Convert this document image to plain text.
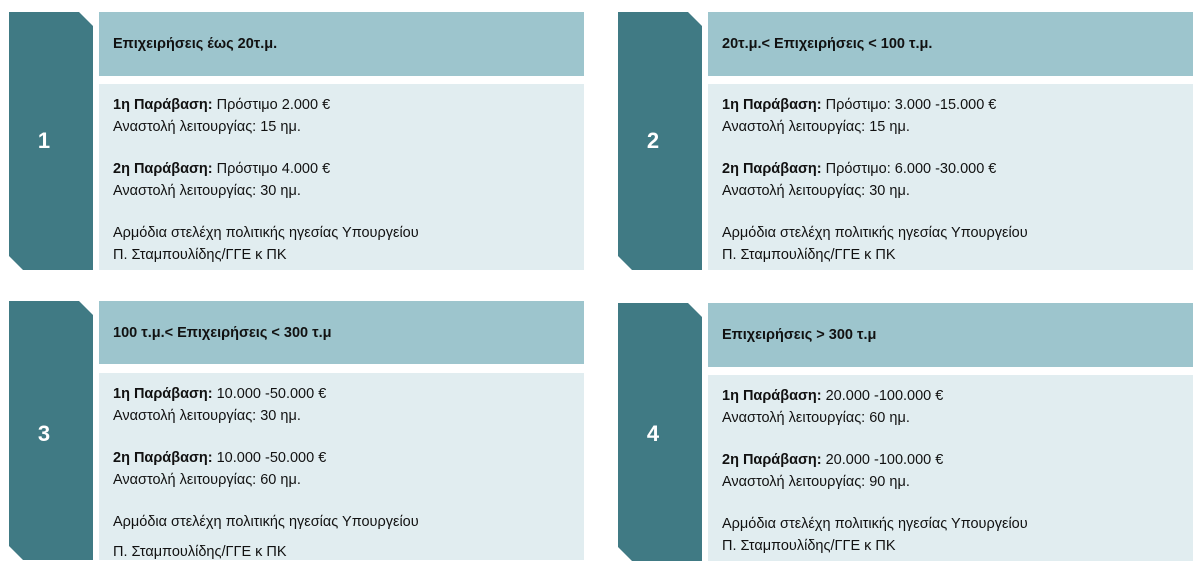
1
Επιχειρήσεις έως 20τ.μ.
1η Παράβαση: Πρόστιμο 2.000 €
Αναστολή λειτουργίας: 15 ημ.
2η Παράβαση: Πρόστιμο 4.000 €
Αναστολή λειτουργίας: 30 ημ.
Αρμόδια στελέχη πολιτικής ηγεσίας Υπουργείου
Π. Σταμπουλίδης/ΓΓΕ κ ΠΚ
2
20τ.μ.< Επιχειρήσεις < 100 τ.μ.
1η Παράβαση: Πρόστιμο: 3.000 -15.000 €
Αναστολή λειτουργίας: 15 ημ.
2η Παράβαση: Πρόστιμο: 6.000 -30.000 €
Αναστολή λειτουργίας: 30 ημ.
Αρμόδια στελέχη πολιτικής ηγεσίας Υπουργείου
Π. Σταμπουλίδης/ΓΓΕ κ ΠΚ
3
100 τ.μ.< Επιχειρήσεις < 300 τ.μ
1η Παράβαση: 10.000 -50.000 €
Αναστολή λειτουργίας: 30 ημ.
2η Παράβαση: 10.000 -50.000 €
Αναστολή λειτουργίας: 60 ημ.
Αρμόδια στελέχη πολιτικής ηγεσίας Υπουργείου
Π. Σταμπουλίδης/ΓΓΕ κ ΠΚ
4
Επιχειρήσεις > 300 τ.μ
1η Παράβαση: 20.000 -100.000 €
Αναστολή λειτουργίας: 60 ημ.
2η Παράβαση: 20.000 -100.000 €
Αναστολή λειτουργίας: 90 ημ.
Αρμόδια στελέχη πολιτικής ηγεσίας Υπουργείου
Π. Σταμπουλίδης/ΓΓΕ κ ΠΚ
